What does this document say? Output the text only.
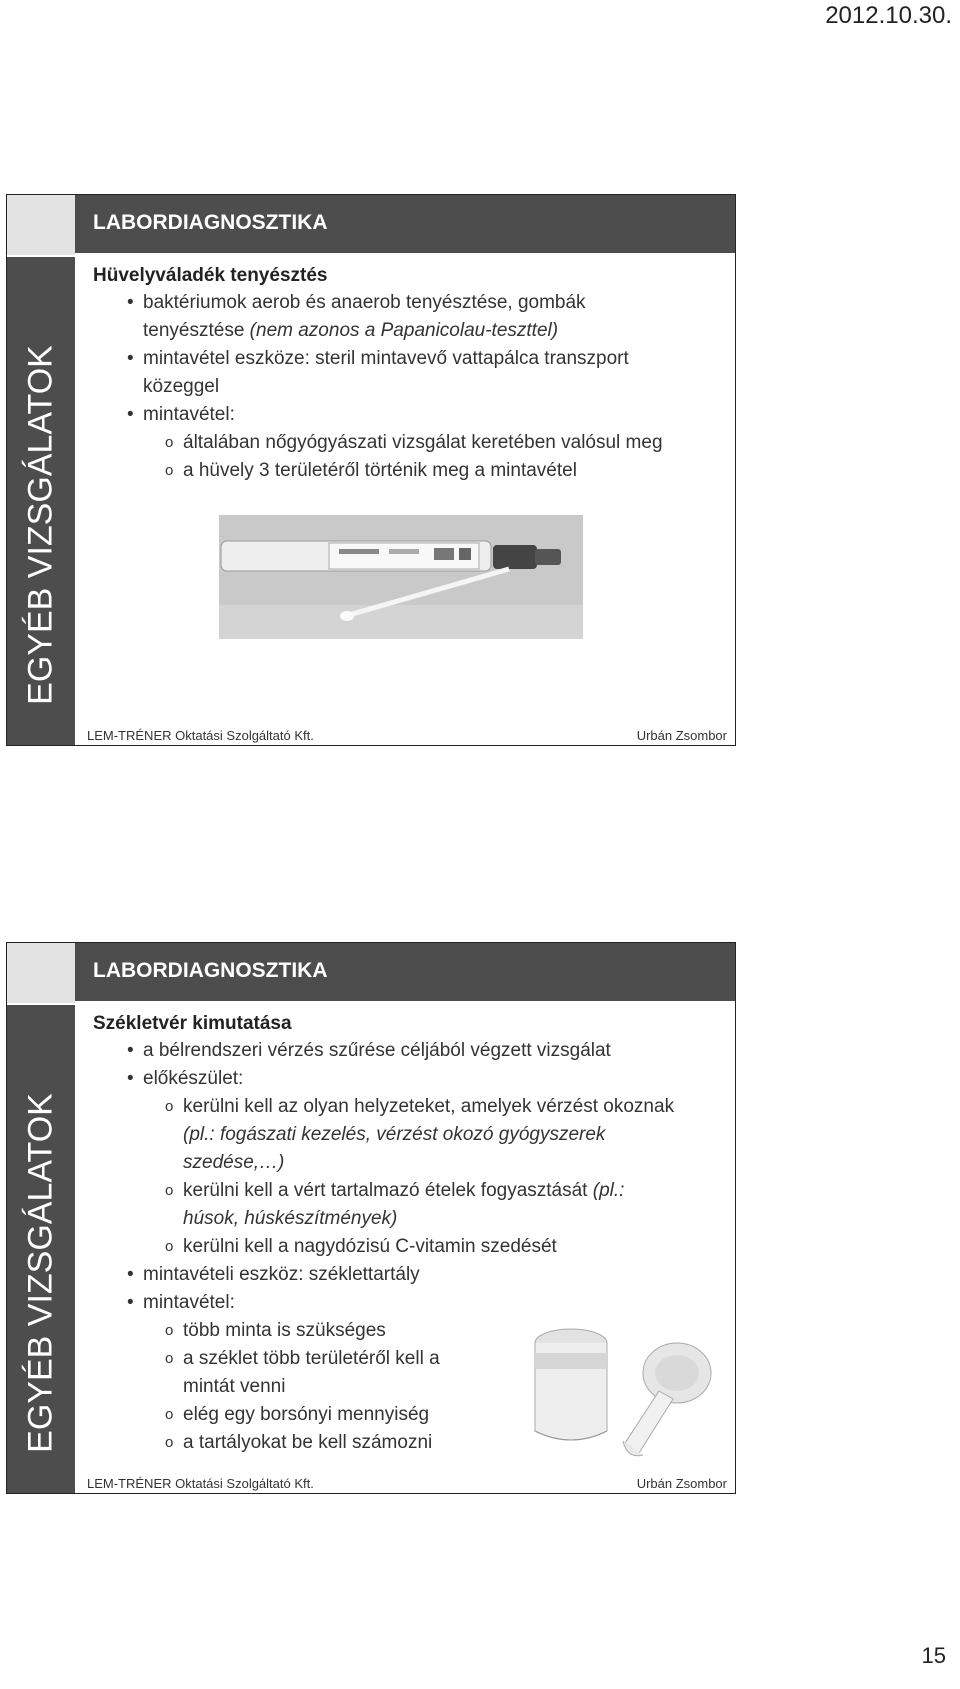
2012.10.30.
EGYÉB VIZSGÁLATOK
LABORDIAGNOSZTIKA
Hüvelyváladék tenyésztés
• baktériumok aerob és anaerob tenyésztése, gombák
tenyésztése (nem azonos a Papanicolau-teszttel)
• mintavétel eszköze: steril mintavevő vattapálca transzport
közeggel
• mintavétel:
o általában nőgyógyászati vizsgálat keretében valósul meg
o a hüvely 3 területéről történik meg a mintavétel
LEM-TRÉNER Oktatási Szolgáltató Kft.	Urbán Zsombor
EGYÉB VIZSGÁLATOK
LABORDIAGNOSZTIKA
Székletvér kimutatása
• a bélrendszeri vérzés szűrése céljából végzett vizsgálat
• előkészület:
o kerülni kell az olyan helyzeteket, amelyek vérzést okoznak
(pl.: fogászati kezelés, vérzést okozó gyógyszerek
szedése,…)
o kerülni kell a vért tartalmazó ételek fogyasztását (pl.:
húsok, húskészítmények)
o kerülni kell a nagydózisú C-vitamin szedését
• mintavételi eszköz: széklettartály
• mintavétel:
o több minta is szükséges
o a széklet több területéről kell a
mintát venni
o elég egy borsónyi mennyiség
o a tartályokat be kell számozni
LEM-TRÉNER Oktatási Szolgáltató Kft.	Urbán Zsombor
15
